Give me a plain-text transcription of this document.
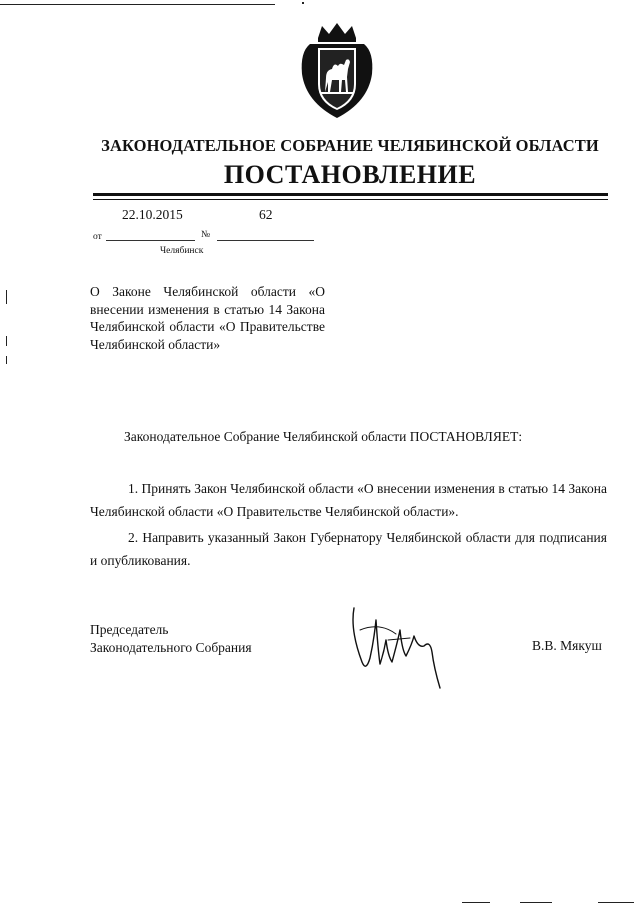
ЗАКОНОДАТЕЛЬНОЕ СОБРАНИЕ ЧЕЛЯБИНСКОЙ ОБЛАСТИ
ПОСТАНОВЛЕНИЕ
22.10.2015	62
от	№
Челябинск
О Законе Челябинской области «О внесении изменения в статью 14 Закона Челябинской области «О Правительстве Челябинской области»
Законодательное Собрание Челябинской области ПОСТАНОВЛЯЕТ:
1. Принять Закон Челябинской области «О внесении изменения в статью 14 Закона Челябинской области «О Правительстве Челябинской области».
2. Направить указанный Закон Губернатору Челябинской области для подписания и опубликования.
Председатель
Законодательного Собрания	В.В. Мякуш
